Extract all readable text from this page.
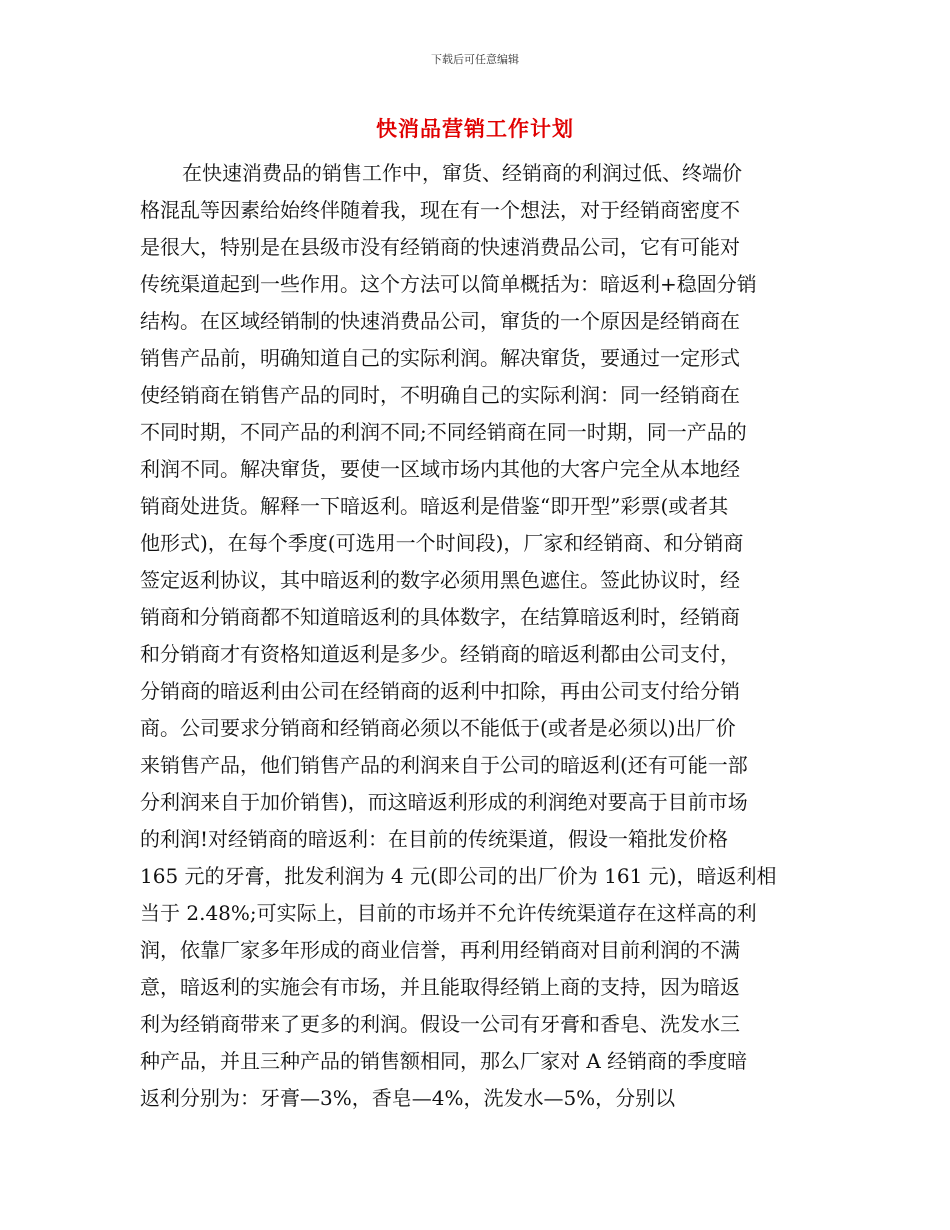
下载后可任意编辑
快消品营销工作计划
在快速消费品的销售工作中，窜货、经销商的利润过低、终端价
格混乱等因素给始终伴随着我，现在有一个想法，对于经销商密度不
是很大，特别是在县级市没有经销商的快速消费品公司，它有可能对
传统渠道起到一些作用。这个方法可以简单概括为：暗返利+稳固分销
结构。在区域经销制的快速消费品公司，窜货的一个原因是经销商在
销售产品前，明确知道自己的实际利润。解决窜货，要通过一定形式
使经销商在销售产品的同时，不明确自己的实际利润：同一经销商在
不同时期，不同产品的利润不同;不同经销商在同一时期，同一产品的
利润不同。解决窜货，要使一区域市场内其他的大客户完全从本地经
销商处进货。解释一下暗返利。暗返利是借鉴“即开型”彩票(或者其
他形式)，在每个季度(可选用一个时间段)，厂家和经销商、和分销商
签定返利协议，其中暗返利的数字必须用黑色遮住。签此协议时，经
销商和分销商都不知道暗返利的具体数字，在结算暗返利时，经销商
和分销商才有资格知道返利是多少。经销商的暗返利都由公司支付，
分销商的暗返利由公司在经销商的返利中扣除，再由公司支付给分销
商。公司要求分销商和经销商必须以不能低于(或者是必须以)出厂价
来销售产品，他们销售产品的利润来自于公司的暗返利(还有可能一部
分利润来自于加价销售)，而这暗返利形成的利润绝对要高于目前市场
的利润!对经销商的暗返利：在目前的传统渠道，假设一箱批发价格
165 元的牙膏，批发利润为 4 元(即公司的出厂价为 161 元)，暗返利相
当于 2.48%;可实际上，目前的市场并不允许传统渠道存在这样高的利
润，依靠厂家多年形成的商业信誉，再利用经销商对目前利润的不满
意，暗返利的实施会有市场，并且能取得经销上商的支持，因为暗返
利为经销商带来了更多的利润。假设一公司有牙膏和香皂、洗发水三
种产品，并且三种产品的销售额相同，那么厂家对 A 经销商的季度暗
返利分别为：牙膏—3%，香皂—4%，洗发水—5%，分别以
